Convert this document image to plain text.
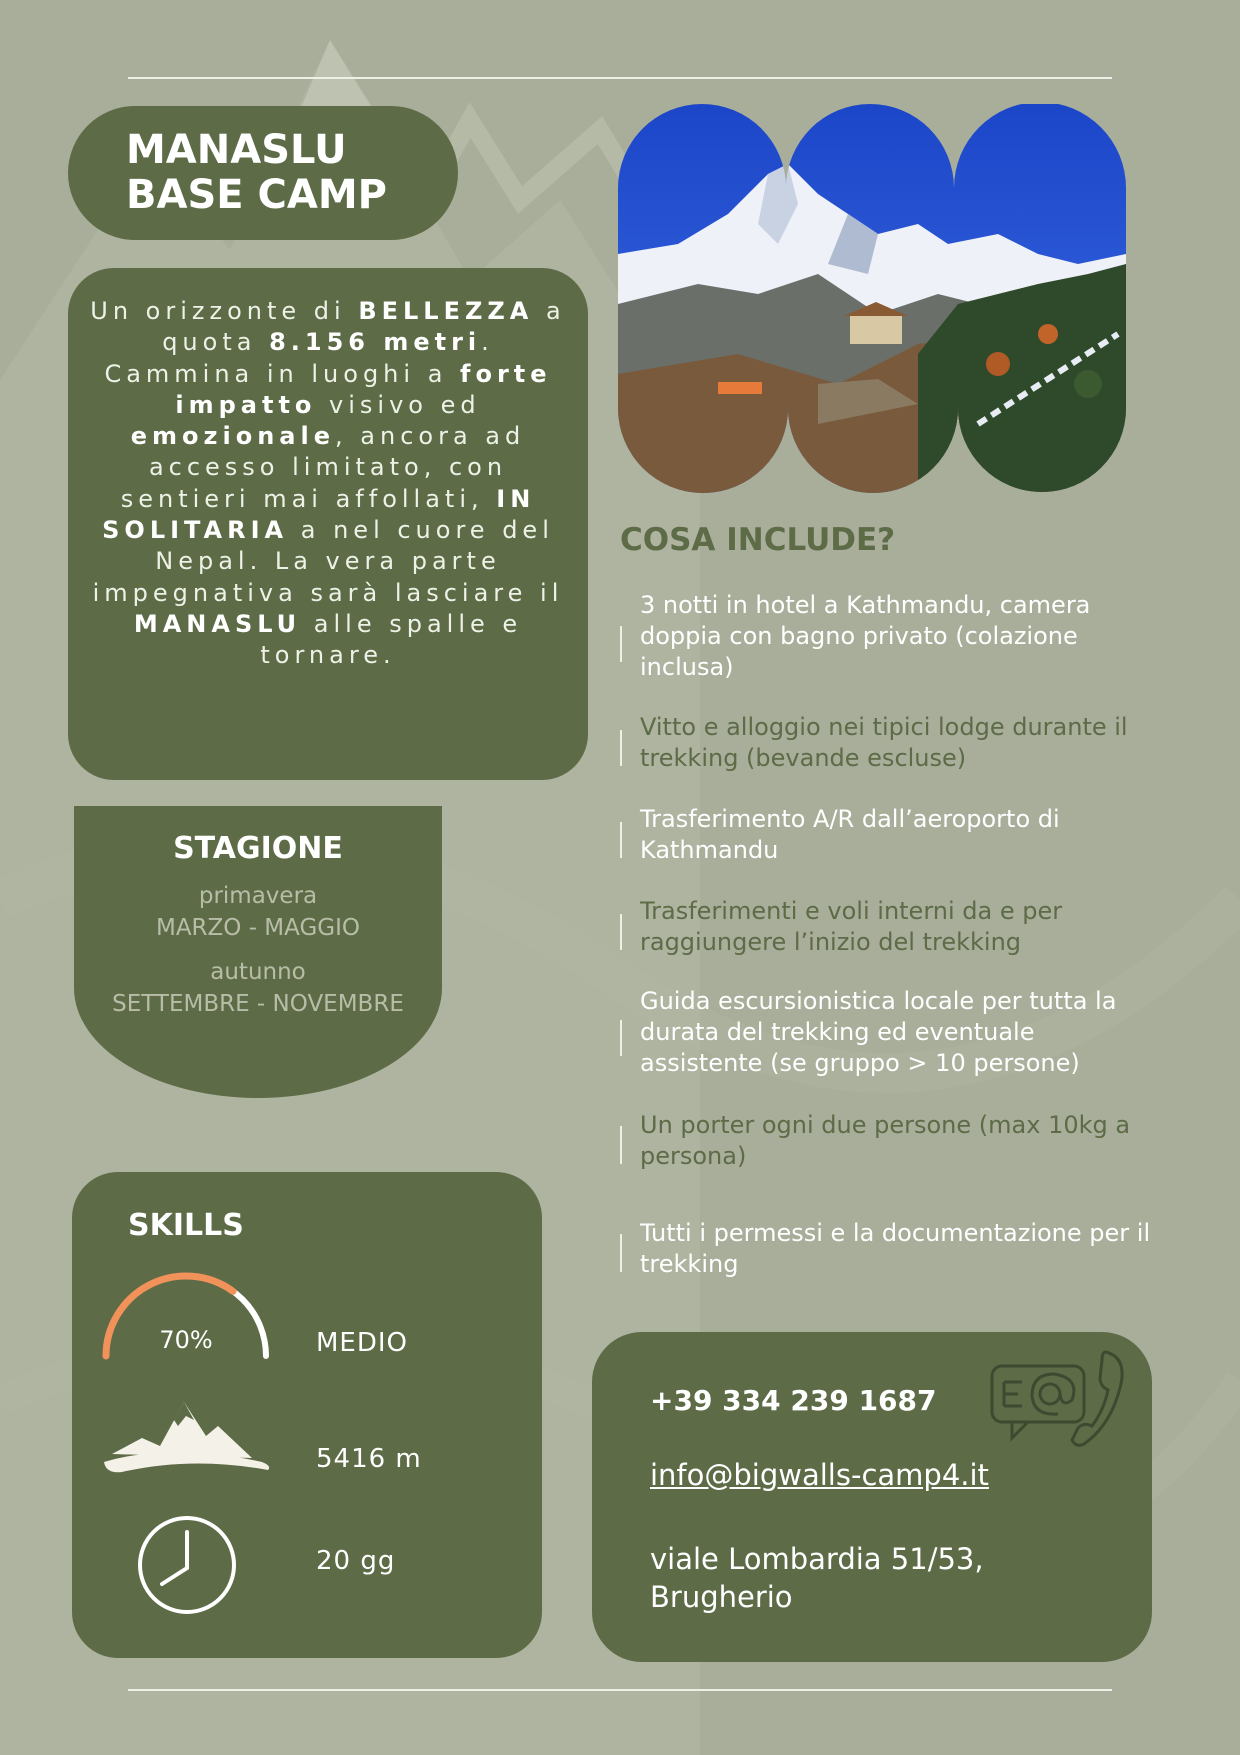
MANASLU
BASE CAMP
Un orizzonte di BELLEZZA a quota 8.156 metri. Cammina in luoghi a forte impatto visivo ed emozionale, ancora ad accesso limitato, con sentieri mai affollati, IN SOLITARIA a nel cuore del Nepal. La vera parte impegnativa sarà lasciare il MANASLU alle spalle e tornare.
STAGIONE
primavera
MARZO - MAGGIO
autunno
SETTEMBRE - NOVEMBRE
SKILLS
70%	MEDIO
5416 m
20 gg
COSA INCLUDE?
3 notti in hotel a Kathmandu, camera doppia con bagno privato (colazione inclusa)
Vitto e alloggio nei tipici lodge durante il trekking (bevande escluse)
Trasferimento A/R dall’aeroporto di Kathmandu
Trasferimenti e voli interni da e per raggiungere l’inizio del trekking
Guida escursionistica locale per tutta la durata del trekking ed eventuale assistente (se gruppo > 10 persone)
Un porter ogni due persone (max 10kg a persona)
Tutti i permessi e la documentazione per il trekking
+39 334 239 1687
info@bigwalls-camp4.it
viale Lombardia 51/53, Brugherio
